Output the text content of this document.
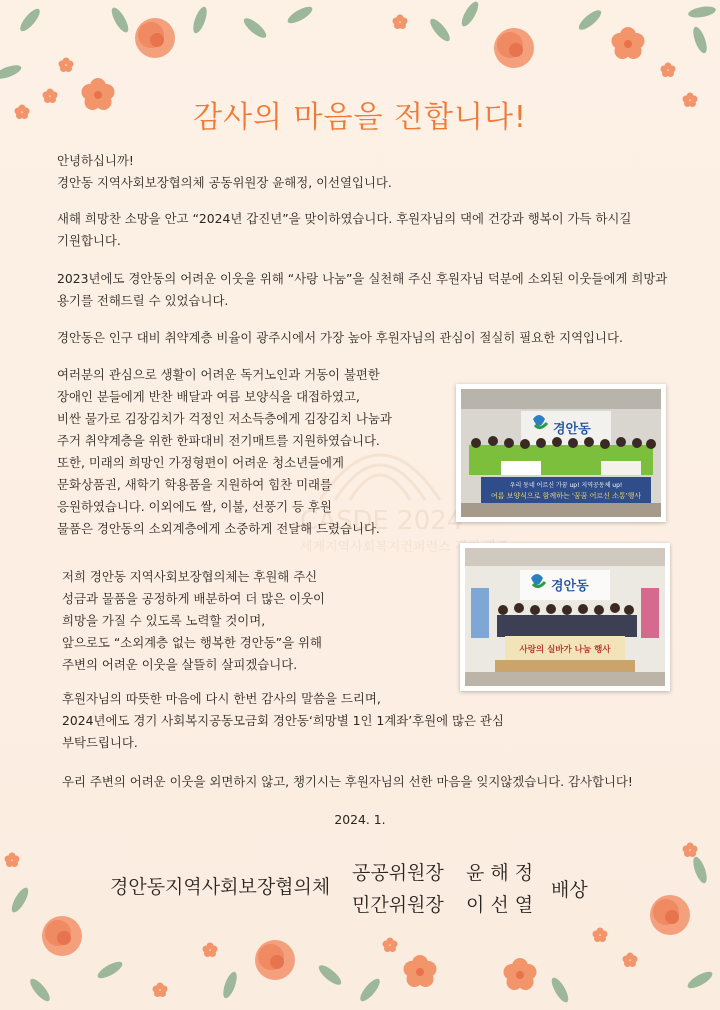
CASDE 2024
세계지역사회복지컨퍼런스 경기 광주
감사의 마음을 전합니다!
안녕하십니까!
경안동 지역사회보장협의체 공동위원장 윤해정, 이선열입니다.
새해 희망찬 소망을 안고 “2024년 갑진년”을 맞이하였습니다. 후원자님의 댁에 건강과 행복이 가득 하시길
기원합니다.
2023년에도 경안동의 어려운 이웃을 위해 “사랑 나눔”을 실천해 주신 후원자님 덕분에 소외된 이웃들에게 희망과
용기를 전해드릴 수 있었습니다.
경안동은 인구 대비 취약계층 비율이 광주시에서 가장 높아 후원자님의 관심이 절실히 필요한 지역입니다.
여러분의 관심으로 생활이 어려운 독거노인과 거동이 불편한
장애인 분들에게 반찬 배달과 여름 보양식을 대접하였고,
비싼 물가로 김장김치가 걱정인 저소득층에게 김장김치 나눔과
주거 취약계층을 위한 한파대비 전기매트를 지원하였습니다.
또한, 미래의 희망인 가정형편이 어려운 청소년들에게
문화상품권, 새학기 학용품을 지원하여 힘찬 미래를
응원하였습니다. 이외에도 쌀, 이불, 선풍기 등 후원
물품은 경안동의 소외계층에게 소중하게 전달해 드렸습니다.
저희 경안동 지역사회보장협의체는 후원해 주신
성금과 물품을 공정하게 배분하여 더 많은 이웃이
희망을 가질 수 있도록 노력할 것이며,
앞으로도 “소외계층 없는 행복한 경안동”을 위해
주변의 어려운 이웃을 살뜰히 살피겠습니다.
후원자님의 따뜻한 마음에 다시 한번 감사의 말씀을 드리며,
2024년에도 경기 사회복지공동모금회 경안동‘희망별 1인 1계좌’후원에 많은 관심
부탁드립니다.
우리 주변의 어려운 이웃을 외면하지 않고, 챙기시는 후원자님의 선한 마음을 잊지않겠습니다. 감사합니다!
2024. 1.
경안동
우리 동네 어르신 가꿈 up! 지역공동체 up!
여름 보양식으로 함께하는 '꿈꿈 어르신 소통'행사
경안동
사랑의 실바가 나눔 행사
경안동지역사회보장협의체
공공위원장 윤 해 정
민간위원장 이 선 열
배상
